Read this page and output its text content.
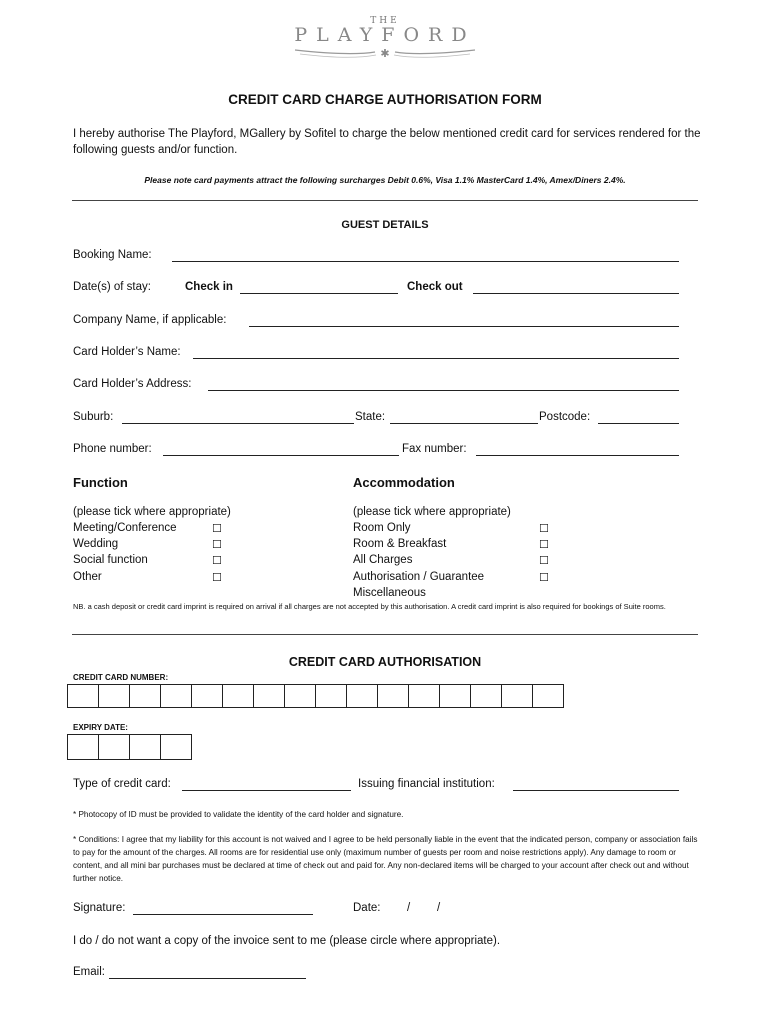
THE
PLAYFORD
✱
CREDIT CARD CHARGE AUTHORISATION FORM
I hereby authorise The Playford, MGallery by Sofitel to charge the below mentioned credit card for services rendered for the following guests and/or function.
Please note card payments attract the following surcharges Debit 0.6%, Visa 1.1% MasterCard 1.4%, Amex/Diners 2.4%.
GUEST DETAILS
Booking Name:
Date(s) of stay:	Check in	Check out
Company Name, if applicable:
Card Holder’s Name:
Card Holder’s Address:
Suburb:	State:	Postcode:
Phone number:	Fax number:
Function	Accommodation
(please tick where appropriate)	(please tick where appropriate)
Meeting/Conference	☐
Wedding	☐
Social function	☐
Other	☐
Room Only	☐
Room & Breakfast	☐
All Charges	☐
Authorisation / Guarantee	☐
Miscellaneous
NB. a cash deposit or credit card imprint is required on arrival if all charges are not accepted by this authorisation. A credit card imprint is also required for bookings of Suite rooms.
CREDIT CARD AUTHORISATION
CREDIT CARD NUMBER:
EXPIRY DATE:
Type of credit card:	Issuing financial institution:
* Photocopy of ID must be provided to validate the identity of the card holder and signature.
* Conditions: I agree that my liability for this account is not waived and I agree to be held personally liable in the event that the indicated person, company or association fails to pay for the amount of the charges. All rooms are for residential use only (maximum number of guests per room and noise restrictions apply). Any damage to room or content, and all mini bar purchases must be declared at time of check out and paid for. Any non-declared items will be charged to your account after check out and without further notice.
Signature:	Date: / /
I do / do not want a copy of the invoice sent to me (please circle where appropriate).
Email:
